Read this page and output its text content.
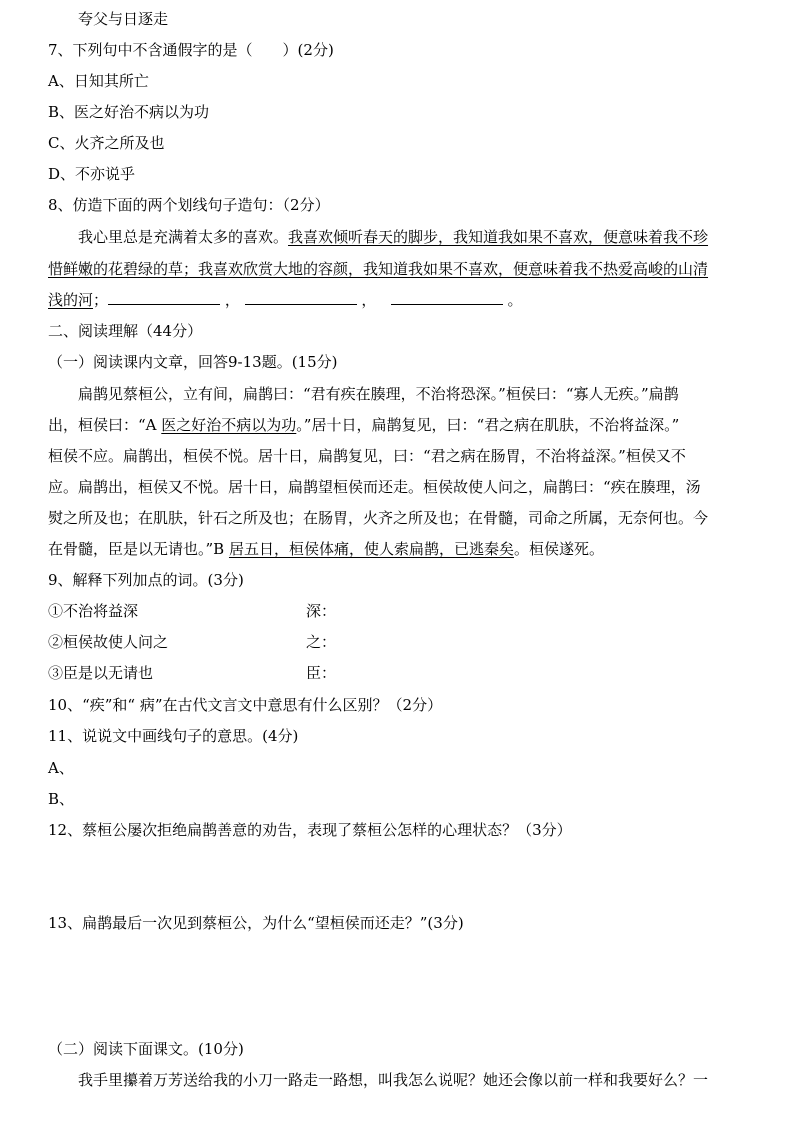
夸父与日逐走
7、下列句中不含通假字的是（　　）(2分)
A、日知其所亡
B、医之好治不病以为功
C、火齐之所及也
D、不亦说乎
8、仿造下面的两个划线句子造句：（2分）
我心里总是充满着太多的喜欢。我喜欢倾听春天的脚步，我知道我如果不喜欢，便意味着我不珍
惜鲜嫩的花碧绿的草；我喜欢欣赏大地的容颜，我知道我如果不喜欢，便意味着我不热爱高峻的山清
浅的河；	，	，	。
二、阅读理解（44分）
（一）阅读课内文章，回答9-13题。(15分)
扁鹊见蔡桓公，立有间，扁鹊曰：“君有疾在腠理，不治将恐深。”桓侯曰：“寡人无疾。”扁鹊
出，桓侯曰：“A 医之好治不病以为功。”居十日，扁鹊复见，曰：“君之病在肌肤，不治将益深。”
桓侯不应。扁鹊出，桓侯不悦。居十日，扁鹊复见，曰：“君之病在肠胃，不治将益深。”桓侯又不
应。扁鹊出，桓侯又不悦。居十日，扁鹊望桓侯而还走。桓侯故使人问之，扁鹊曰：“疾在腠理，汤
熨之所及也；在肌肤，针石之所及也；在肠胃，火齐之所及也；在骨髓，司命之所属，无奈何也。今
在骨髓，臣是以无请也。”B 居五日，桓侯体痛，使人索扁鹊，已逃秦矣。桓侯遂死。
9、解释下列加点的词。(3分)
①不治将益深	深：
②桓侯故使人问之	之：
③臣是以无请也	臣：
10、“疾”和“ 病”在古代文言文中意思有什么区别？（2分）
11、说说文中画线句子的意思。(4分)
A、
B、
12、蔡桓公屡次拒绝扁鹊善意的劝告，表现了蔡桓公怎样的心理状态？（3分）
13、扁鹊最后一次见到蔡桓公，为什么“望桓侯而还走？”(3分)
（二）阅读下面课文。(10分)
我手里攥着万芳送给我的小刀一路走一路想，叫我怎么说呢？她还会像以前一样和我要好么？一
